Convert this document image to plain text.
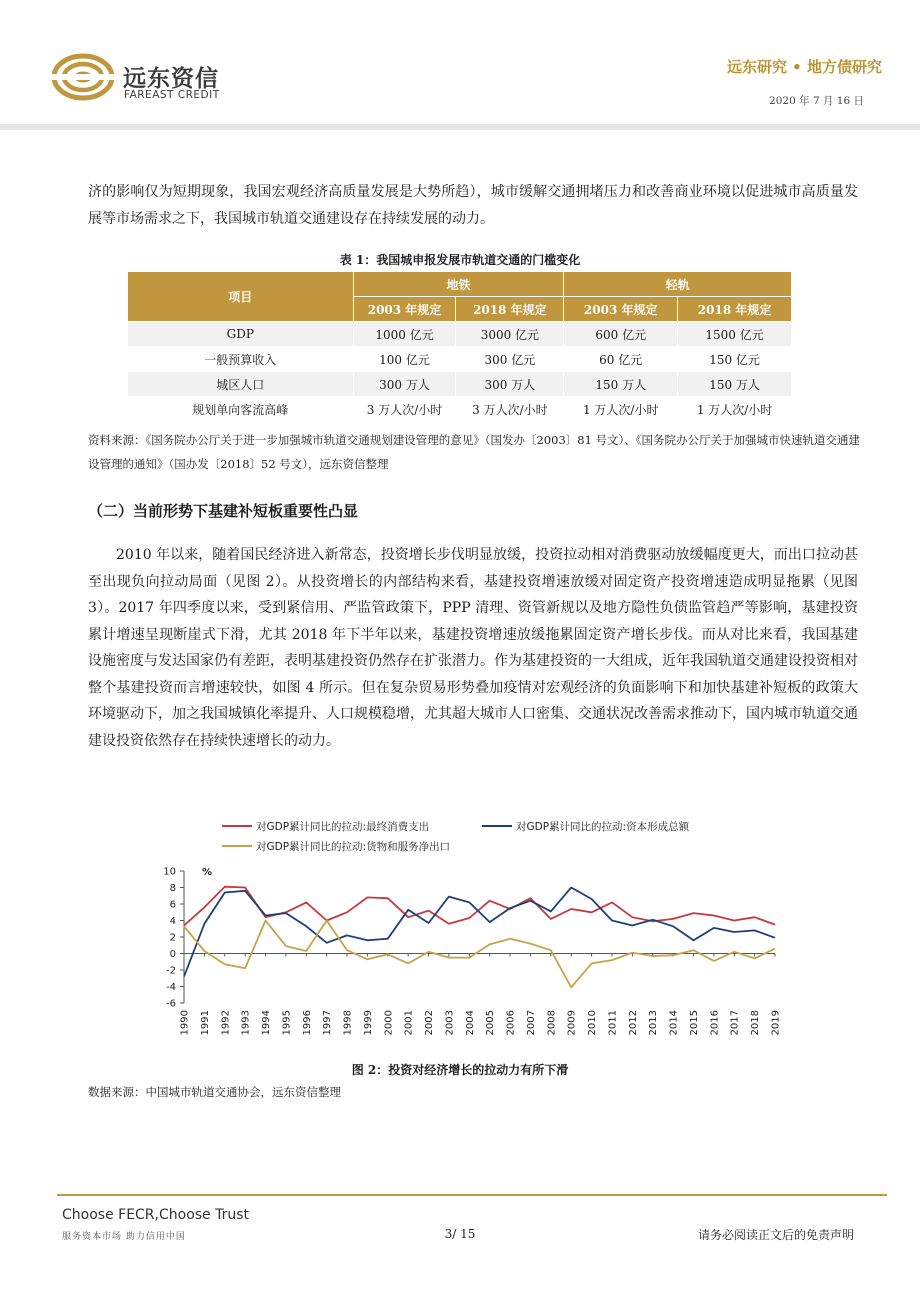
远东资信
FAREAST CREDIT
远东研究 • 地方债研究
2020 年 7 月 16 日

济的影响仅为短期现象，我国宏观经济高质量发展是大势所趋），城市缓解交通拥堵压力和改善商业环境以促进城市高质量发展等市场需求之下，我国城市轨道交通建设存在持续发展的动力。

表 1：我国城申报发展市轨道交通的门槛变化
项目	地铁		轻轨	
	2003 年规定	2018 年规定	2003 年规定	2018 年规定
GDP	1000 亿元	3000 亿元	600 亿元	1500 亿元
一般预算收入	100 亿元	300 亿元	60 亿元	150 亿元
城区人口	300 万人	300 万人	150 万人	150 万人
规划单向客流高峰	3 万人次/小时	3 万人次/小时	1 万人次/小时	1 万人次/小时

资料来源：《国务院办公厅关于进一步加强城市轨道交通规划建设管理的意见》（国发办〔2003〕81 号文）、《国务院办公厅关于加强城市快速轨道交通建设管理的通知》（国办发〔2018〕52 号文），远东资信整理

（二）当前形势下基建补短板重要性凸显

2010 年以来，随着国民经济进入新常态，投资增长步伐明显放缓，投资拉动相对消费驱动放缓幅度更大，而出口拉动甚至出现负向拉动局面（见图 2）。从投资增长的内部结构来看，基建投资增速放缓对固定资产投资增速造成明显拖累（见图 3）。2017 年四季度以来，受到紧信用、严监管政策下，PPP 清理、资管新规以及地方隐性负债监管趋严等影响，基建投资累计增速呈现断崖式下滑，尤其 2018 年下半年以来，基建投资增速放缓拖累固定资产增长步伐。而从对比来看，我国基建设施密度与发达国家仍有差距，表明基建投资仍然存在扩张潜力。作为基建投资的一大组成，近年我国轨道交通建设投资相对整个基建投资而言增速较快，如图 4 所示。但在复杂贸易形势叠加疫情对宏观经济的负面影响下和加快基建补短板的政策大环境驱动下，加之我国城镇化率提升、人口规模稳增，尤其超大城市人口密集、交通状况改善需求推动下，国内城市轨道交通建设投资依然存在持续快速增长的动力。

对GDP累计同比的拉动:最终消费支出	对GDP累计同比的拉动:资本形成总额
对GDP累计同比的拉动:货物和服务净出口
-6
-4
-2
0
2
4
6
8
10	%
1990 1991 1992 1993 1994 1995 1996 1997 1998 1999 2000 2001 2002 2003 2004 2005 2006 2007 2008 2009 2010 2011 2012 2013 2014 2015 2016 2017 2018 2019
图 2：投资对经济增长的拉动力有所下滑
数据来源：中国城市轨道交通协会，远东资信整理
Choose FECR,Choose Trust
服务资本市场 助力信用中国	3/ 15	请务必阅读正文后的免责声明
